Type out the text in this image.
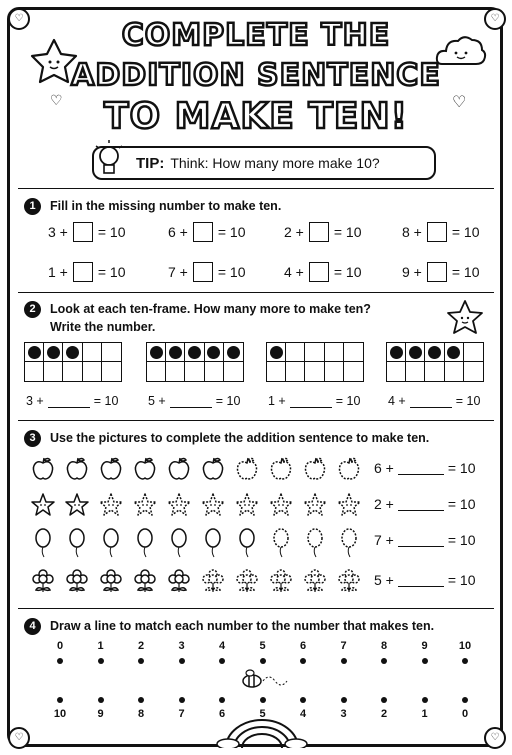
♡	♡
♡	♡
♡	♡
COMPLETE THE
ADDITION SENTENCE
TO MAKE TEN!
TIP: Think: How many more make 10?
1	Fill in the missing number to make ten.
3 + = 10	6 + = 10	2 + = 10	8 + = 10
1 + = 10	7 + = 10	4 + = 10	9 + = 10
2	Look at each ten-frame. How many more to make ten?
Write the number.
3 +	= 10 5 +	= 10 1 +	= 10 4 +	= 10
3	Use the pictures to complete the addition sentence to make ten.
6 +	= 10
2 +	= 10
7 +	= 10
5 +	= 10
4	Draw a line to match each number to the number that makes ten.
0
10
1
9
2
8
3
7
4
6
5
5
6
4
7
3
8
2
9
1
10
0
